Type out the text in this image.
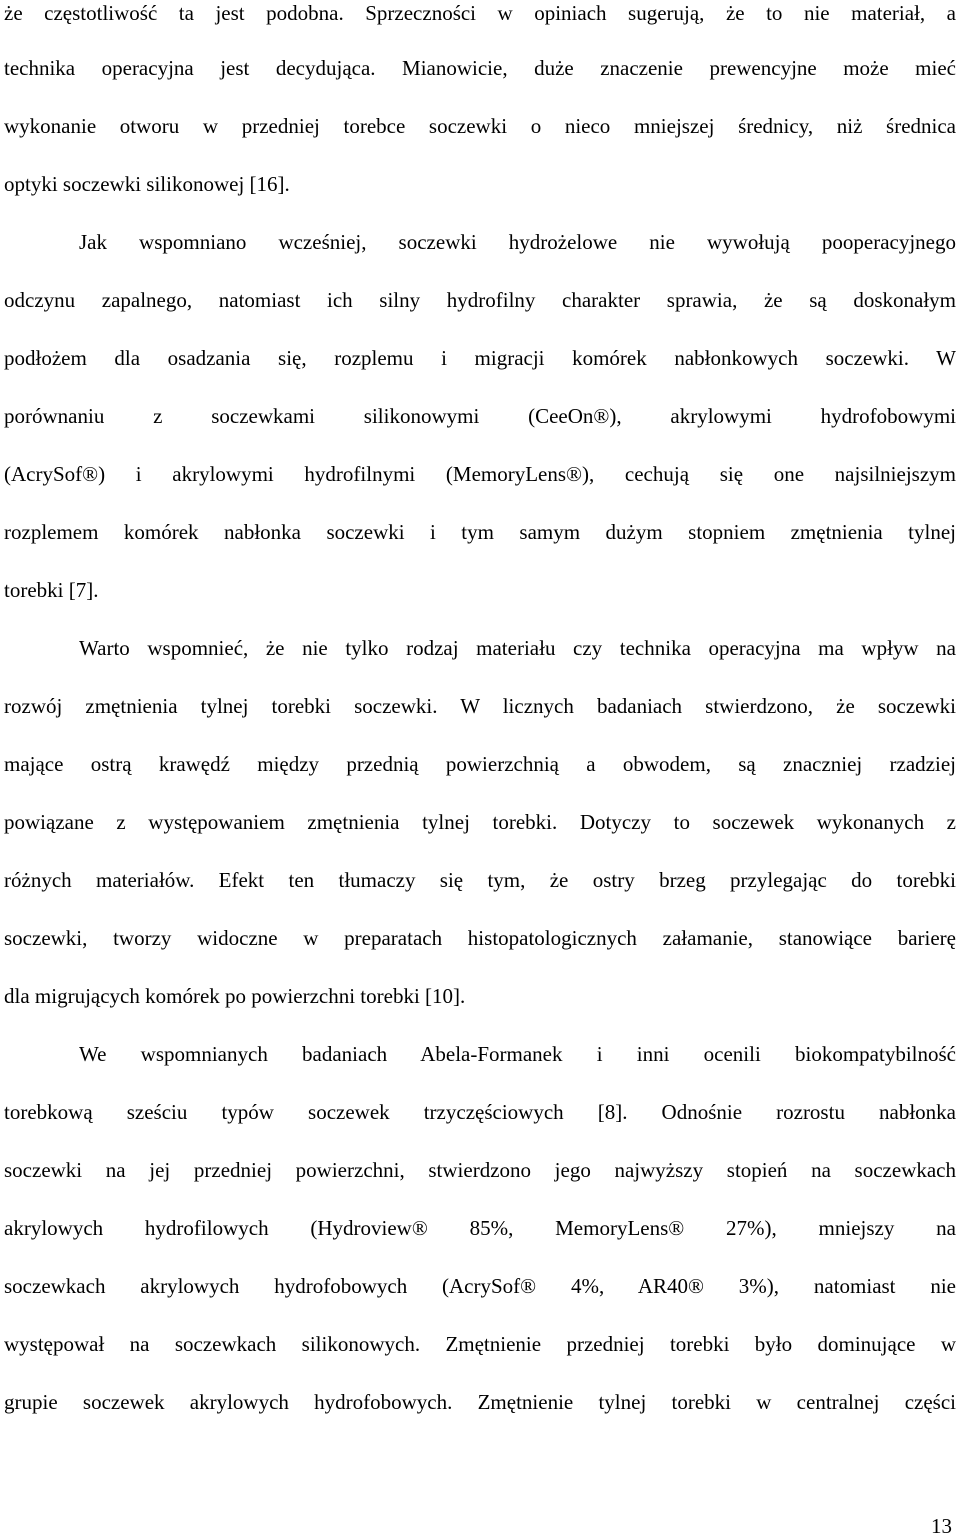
że częstotliwość ta jest podobna. Sprzeczności w opiniach sugerują, że to nie materiał, a
technika operacyjna jest decydująca. Mianowicie, duże znaczenie prewencyjne może mieć
wykonanie otworu w przedniej torebce soczewki o nieco mniejszej średnicy, niż średnica
optyki soczewki silikonowej [16].
Jak wspomniano wcześniej, soczewki hydrożelowe nie wywołują pooperacyjnego
odczynu zapalnego, natomiast ich silny hydrofilny charakter sprawia, że są doskonałym
podłożem dla osadzania się, rozplemu i migracji komórek nabłonkowych soczewki. W
porównaniu z soczewkami silikonowymi (CeeOn®), akrylowymi hydrofobowymi
(AcrySof®) i akrylowymi hydrofilnymi (MemoryLens®), cechują się one najsilniejszym
rozplemem komórek nabłonka soczewki i tym samym dużym stopniem zmętnienia tylnej
torebki [7].
Warto wspomnieć, że nie tylko rodzaj materiału czy technika operacyjna ma wpływ na
rozwój zmętnienia tylnej torebki soczewki. W licznych badaniach stwierdzono, że soczewki
mające ostrą krawędź między przednią powierzchnią a obwodem, są znaczniej rzadziej
powiązane z występowaniem zmętnienia tylnej torebki. Dotyczy to soczewek wykonanych z
różnych materiałów. Efekt ten tłumaczy się tym, że ostry brzeg przylegając do torebki
soczewki, tworzy widoczne w preparatach histopatologicznych załamanie, stanowiące barierę
dla migrujących komórek po powierzchni torebki [10].
We wspomnianych badaniach Abela-Formanek i inni ocenili biokompatybilność
torebkową sześciu typów soczewek trzyczęściowych [8]. Odnośnie rozrostu nabłonka
soczewki na jej przedniej powierzchni, stwierdzono jego najwyższy stopień na soczewkach
akrylowych hydrofilowych (Hydroview® 85%, MemoryLens® 27%), mniejszy na
soczewkach akrylowych hydrofobowych (AcrySof® 4%, AR40® 3%), natomiast nie
występował na soczewkach silikonowych. Zmętnienie przedniej torebki było dominujące w
grupie soczewek akrylowych hydrofobowych. Zmętnienie tylnej torebki w centralnej części
13
